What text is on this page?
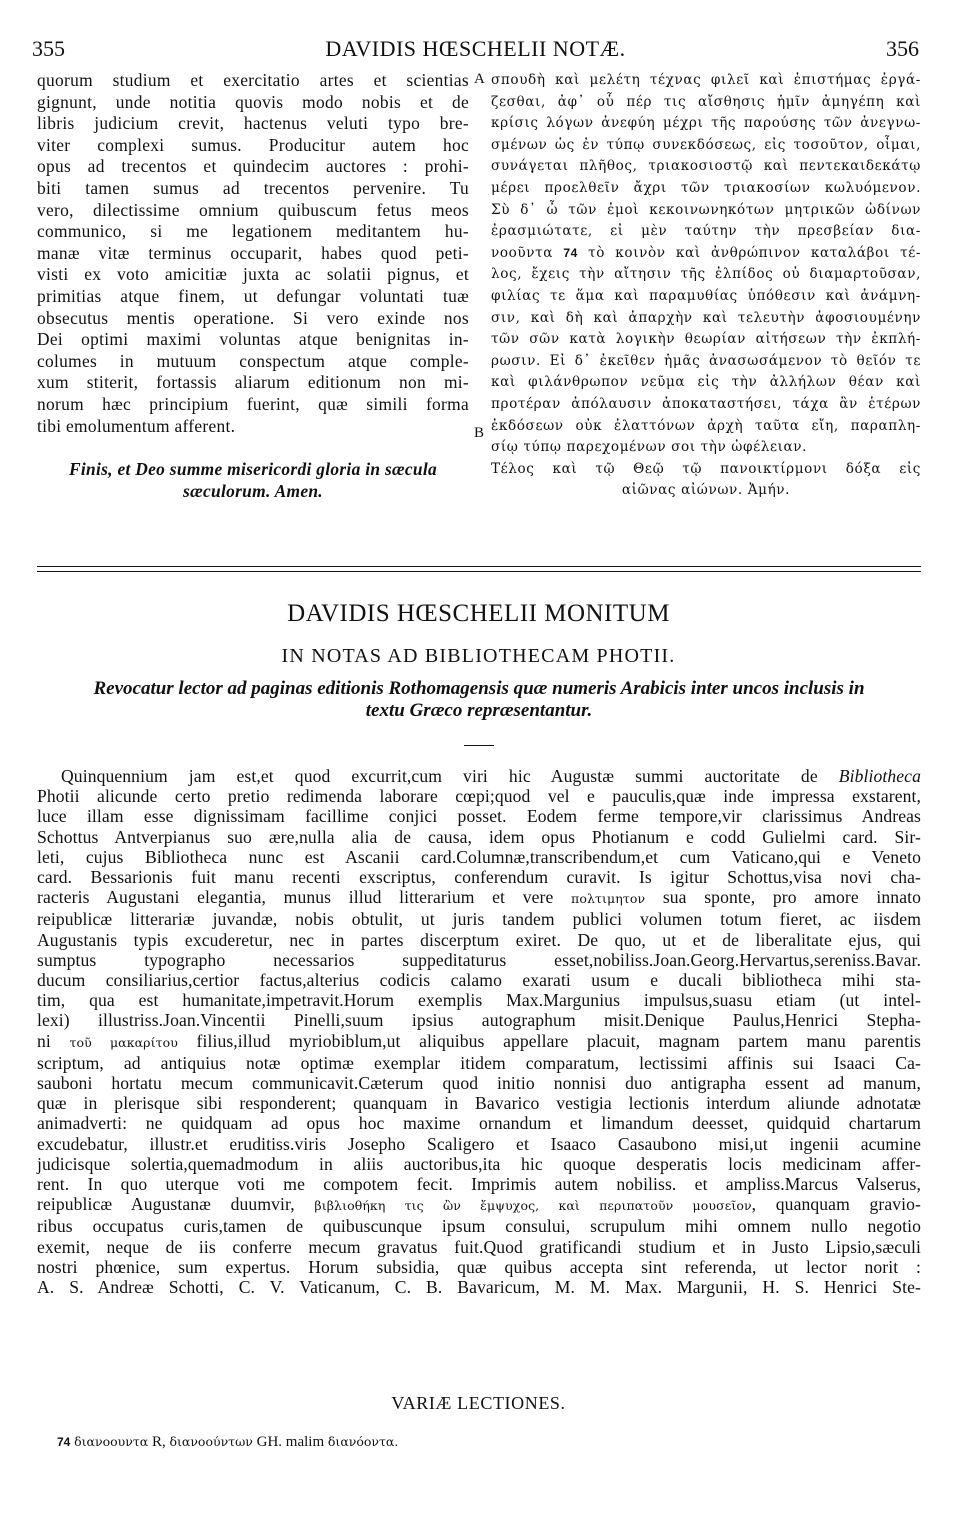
355	DAVIDIS HŒSCHELII NOTÆ.	356
A
B
quorum studium et exercitatio artes et scientias
gignunt, unde notitia quovis modo nobis et de
libris judicium crevit, hactenus veluti typo bre-
viter complexi sumus. Producitur autem hoc
opus ad trecentos et quindecim auctores : prohi-
biti tamen sumus ad trecentos pervenire. Tu
vero, dilectissime omnium quibuscum fetus meos
communico, si me legationem meditantem hu-
manæ vitæ terminus occuparit, habes quod peti-
visti ex voto amicitiæ juxta ac solatii pignus, et
primitias atque finem, ut defungar voluntati tuæ
obsecutus mentis operatione. Si vero exinde nos
Dei optimi maximi voluntas atque benignitas in-
columes in mutuum conspectum atque comple-
xum stiterit, fortassis aliarum editionum non mi-
norum hæc principium fuerint, quæ simili forma
tibi emolumentum afferent.
Finis, et Deo summe misericordi gloria in sæcula
sæculorum. Amen.
σπουδὴ καὶ μελέτη τέχνας φιλεῖ καὶ ἐπιστήμας ἐργά-
ζεσθαι, ἀφ᾽ οὗ πέρ τις αἴσθησις ἡμῖν ἀμηγέπη καὶ
κρίσις λόγων ἀνεφύη μέχρι τῆς παρούσης τῶν ἀνεγνω-
σμένων ὡς ἐν τύπῳ συνεκδόσεως, εἰς τοσοῦτον, οἶμαι,
συνάγεται πλῆθος, τριακοσιοστῷ καὶ πεντεκαιδεκάτῳ
μέρει προελθεῖν ἄχρι τῶν τριακοσίων κωλυόμενον.
Σὺ δ᾽ ὦ τῶν ἐμοὶ κεκοινωνηκότων μητρικῶν ὠδίνων
ἐρασμιώτατε, εἰ μὲν ταύτην τὴν πρεσβείαν δια-
νοοῦντα 74 τὸ κοινὸν καὶ ἀνθρώπινον καταλάβοι τέ-
λος, ἔχεις τὴν αἴτησιν τῆς ἐλπίδος οὐ διαμαρτοῦσαν,
φιλίας τε ἅμα καὶ παραμυθίας ὑπόθεσιν καὶ ἀνάμνη-
σιν, καὶ δὴ καὶ ἀπαρχὴν καὶ τελευτὴν ἀφοσιουμένην
τῶν σῶν κατὰ λογικὴν θεωρίαν αἰτήσεων τὴν ἐκπλή-
ρωσιν. Εἰ δ᾽ ἐκεῖθεν ἡμᾶς ἀνασωσάμενον τὸ θεῖόν τε
καὶ φιλάνθρωπον νεῦμα εἰς τὴν ἀλλήλων θέαν καὶ
προτέραν ἀπόλαυσιν ἀποκαταστήσει, τάχα ἂν ἑτέρων
ἐκδόσεων οὐκ ἐλαττόνων ἀρχὴ ταῦτα εἴη, παραπλη-
σίῳ τύπῳ παρεχομένων σοι τὴν ὠφέλειαν.
Τέλος καὶ τῷ Θεῷ τῷ πανοικτίρμονι δόξα εἰς
αἰῶνας αἰώνων. Ἀμήν.
DAVIDIS HŒSCHELII MONITUM
IN NOTAS AD BIBLIOTHECAM PHOTII.
Revocatur lector ad paginas editionis Rothomagensis quæ numeris Arabicis inter uncos inclusis in
textu Græco repræsentantur.
Quinquennium jam est,et quod excurrit,cum viri hic Augustæ summi auctoritate de Bibliotheca
Photii alicunde certo pretio redimenda laborare cœpi;quod vel e pauculis,quæ inde impressa exstarent,
luce illam esse dignissimam facillime conjici posset. Eodem ferme tempore,vir clarissimus Andreas
Schottus Antverpianus suo ære,nulla alia de causa, idem opus Photianum e codd Gulielmi card. Sir-
leti, cujus Bibliotheca nunc est Ascanii card.Columnæ,transcribendum,et cum Vaticano,qui e Veneto
card. Bessarionis fuit manu recenti exscriptus, conferendum curavit. Is igitur Schottus,visa novi cha-
racteris Augustani elegantia, munus illud litterarium et vere πολτιμητον sua sponte, pro amore innato
reipublicæ litterariæ juvandæ, nobis obtulit, ut juris tandem publici volumen totum fieret, ac iisdem
Augustanis typis excuderetur, nec in partes discerptum exiret. De quo, ut et de liberalitate ejus, qui
sumptus typographo necessarios suppeditaturus esset,nobiliss.Joan.Georg.Hervartus,sereniss.Bavar.
ducum consiliarius,certior factus,alterius codicis calamo exarati usum e ducali bibliotheca mihi sta-
tim, qua est humanitate,impetravit.Horum exemplis Max.Margunius impulsus,suasu etiam (ut intel-
lexi) illustriss.Joan.Vincentii Pinelli,suum ipsius autographum misit.Denique Paulus,Henrici Stepha-
ni τοῦ μακαρίτου filius,illud myriobiblum,ut aliquibus appellare placuit, magnam partem manu parentis
scriptum, ad antiquius notæ optimæ exemplar itidem comparatum, lectissimi affinis sui Isaaci Ca-
sauboni hortatu mecum communicavit.Cæterum quod initio nonnisi duo antigrapha essent ad manum,
quæ in plerisque sibi responderent; quanquam in Bavarico vestigia lectionis interdum aliunde adnotatæ
animadverti: ne quidquam ad opus hoc maxime ornandum et limandum deesset, quidquid chartarum
excudebatur, illustr.et eruditiss.viris Josepho Scaligero et Isaaco Casaubono misi,ut ingenii acumine
judicisque solertia,quemadmodum in aliis auctoribus,ita hic quoque desperatis locis medicinam affer-
rent. In quo uterque voti me compotem fecit. Imprimis autem nobiliss. et ampliss.Marcus Valserus,
reipublicæ Augustanæ duumvir, βιβλιοθήκη τις ὢν ἔμψυχος, καὶ περιπατοῦν μουσεῖον, quanquam gravio-
ribus occupatus curis,tamen de quibuscunque ipsum consului, scrupulum mihi omnem nullo negotio
exemit, neque de iis conferre mecum gravatus fuit.Quod gratificandi studium et in Justo Lipsio,sæculi
nostri phœnice, sum expertus. Horum subsidia, quæ quibus accepta sint referenda, ut lector norit :
A. S. Andreæ Schotti, C. V. Vaticanum, C. B. Bavaricum, M. M. Max. Margunii, H. S. Henrici Ste-
VARIÆ LECTIONES.
74 διανοουντα R, διανοούντων GH. malim διανόοντα.
